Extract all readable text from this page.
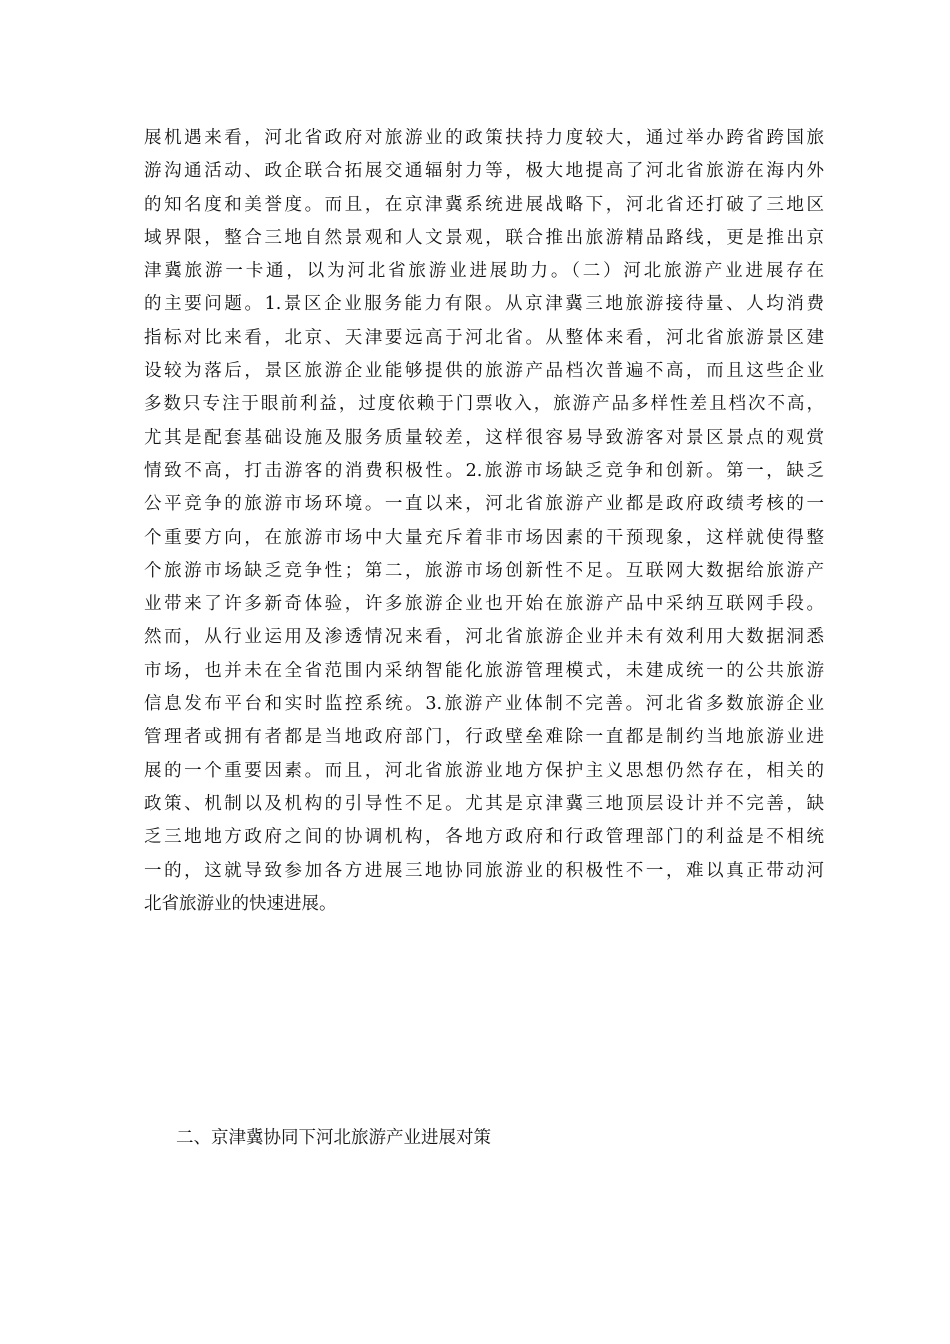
展机遇来看，河北省政府对旅游业的政策扶持力度较大，通过举办跨省跨国旅
游沟通活动、政企联合拓展交通辐射力等，极大地提高了河北省旅游在海内外
的知名度和美誉度。而且，在京津冀系统进展战略下，河北省还打破了三地区
域界限，整合三地自然景观和人文景观，联合推出旅游精品路线，更是推出京
津冀旅游一卡通，以为河北省旅游业进展助力。（二）河北旅游产业进展存在
的主要问题。1.景区企业服务能力有限。从京津冀三地旅游接待量、人均消费
指标对比来看，北京、天津要远高于河北省。从整体来看，河北省旅游景区建
设较为落后，景区旅游企业能够提供的旅游产品档次普遍不高，而且这些企业
多数只专注于眼前利益，过度依赖于门票收入，旅游产品多样性差且档次不高，
尤其是配套基础设施及服务质量较差，这样很容易导致游客对景区景点的观赏
情致不高，打击游客的消费积极性。2.旅游市场缺乏竞争和创新。第一，缺乏
公平竞争的旅游市场环境。一直以来，河北省旅游产业都是政府政绩考核的一
个重要方向，在旅游市场中大量充斥着非市场因素的干预现象，这样就使得整
个旅游市场缺乏竞争性；第二，旅游市场创新性不足。互联网大数据给旅游产
业带来了许多新奇体验，许多旅游企业也开始在旅游产品中采纳互联网手段。
然而，从行业运用及渗透情况来看，河北省旅游企业并未有效利用大数据洞悉
市场，也并未在全省范围内采纳智能化旅游管理模式，未建成统一的公共旅游
信息发布平台和实时监控系统。3.旅游产业体制不完善。河北省多数旅游企业
管理者或拥有者都是当地政府部门，行政壁垒难除一直都是制约当地旅游业进
展的一个重要因素。而且，河北省旅游业地方保护主义思想仍然存在，相关的
政策、机制以及机构的引导性不足。尤其是京津冀三地顶层设计并不完善，缺
乏三地地方政府之间的协调机构，各地方政府和行政管理部门的利益是不相统
一的，这就导致参加各方进展三地协同旅游业的积极性不一，难以真正带动河
北省旅游业的快速进展。
二、京津冀协同下河北旅游产业进展对策
